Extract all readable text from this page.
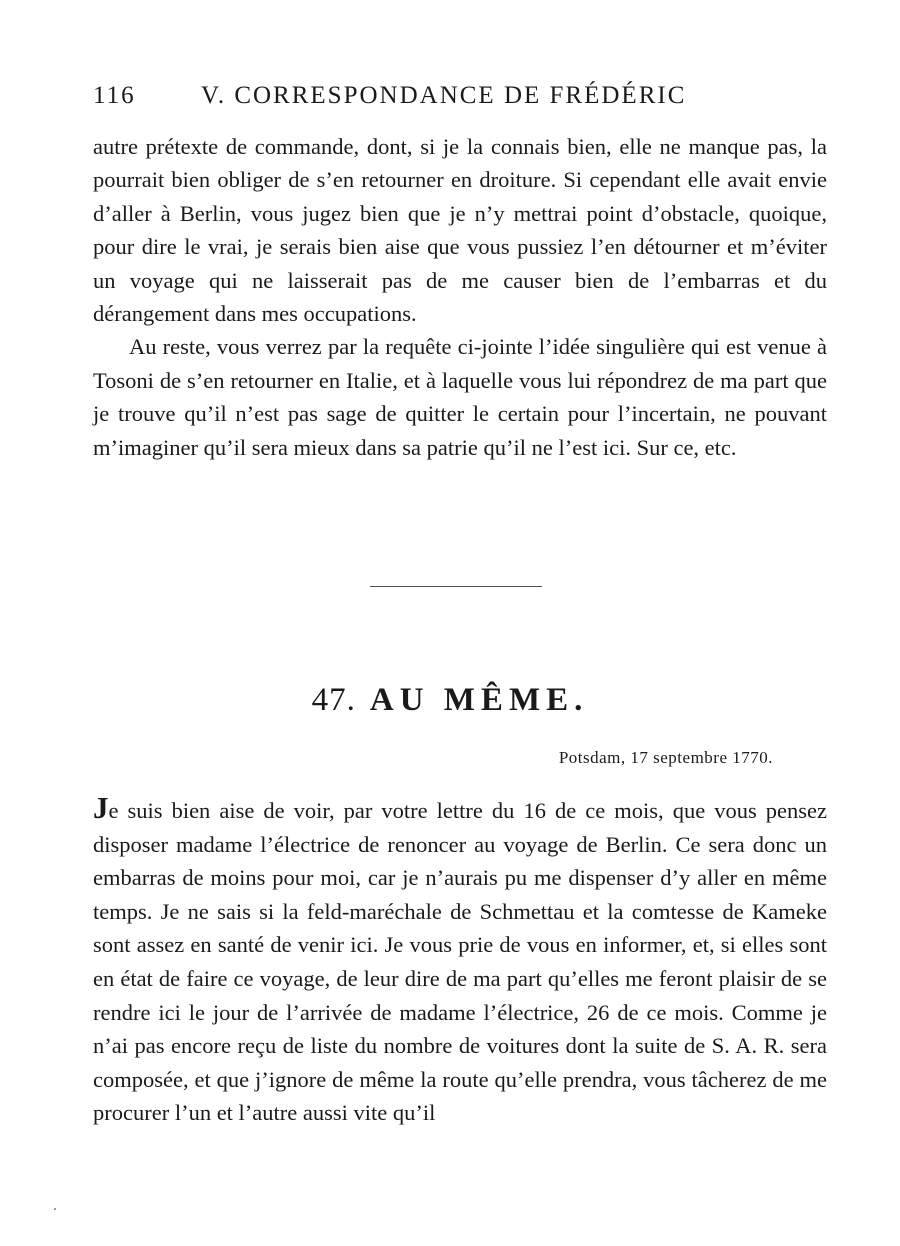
116	V. CORRESPONDANCE DE FRÉDÉRIC

autre prétexte de commande, dont, si je la connais bien, elle ne manque pas, la pourrait bien obliger de s’en retourner en droiture. Si cependant elle avait envie d’aller à Berlin, vous jugez bien que je n’y mettrai point d’obstacle, quoique, pour dire le vrai, je serais bien aise que vous pussiez l’en détourner et m’éviter un voyage qui ne laisserait pas de me causer bien de l’embarras et du dérangement dans mes occupations.

Au reste, vous verrez par la requête ci-jointe l’idée singulière qui est venue à Tosoni de s’en retourner en Italie, et à laquelle vous lui répondrez de ma part que je trouve qu’il n’est pas sage de quitter le certain pour l’incertain, ne pouvant m’imaginer qu’il sera mieux dans sa patrie qu’il ne l’est ici. Sur ce, etc.

47. AU MÊME.
Potsdam, 17 septembre 1770.

Je suis bien aise de voir, par votre lettre du 16 de ce mois, que vous pensez disposer madame l’électrice de renoncer au voyage de Berlin. Ce sera donc un embarras de moins pour moi, car je n’aurais pu me dispenser d’y aller en même temps. Je ne sais si la feld-maréchale de Schmettau et la comtesse de Kameke sont assez en santé de venir ici. Je vous prie de vous en informer, et, si elles sont en état de faire ce voyage, de leur dire de ma part qu’elles me feront plaisir de se rendre ici le jour de l’arrivée de madame l’électrice, 26 de ce mois. Comme je n’ai pas encore reçu de liste du nombre de voitures dont la suite de S. A. R. sera composée, et que j’ignore de même la route qu’elle prendra, vous tâcherez de me procurer l’un et l’autre aussi vite qu’il
